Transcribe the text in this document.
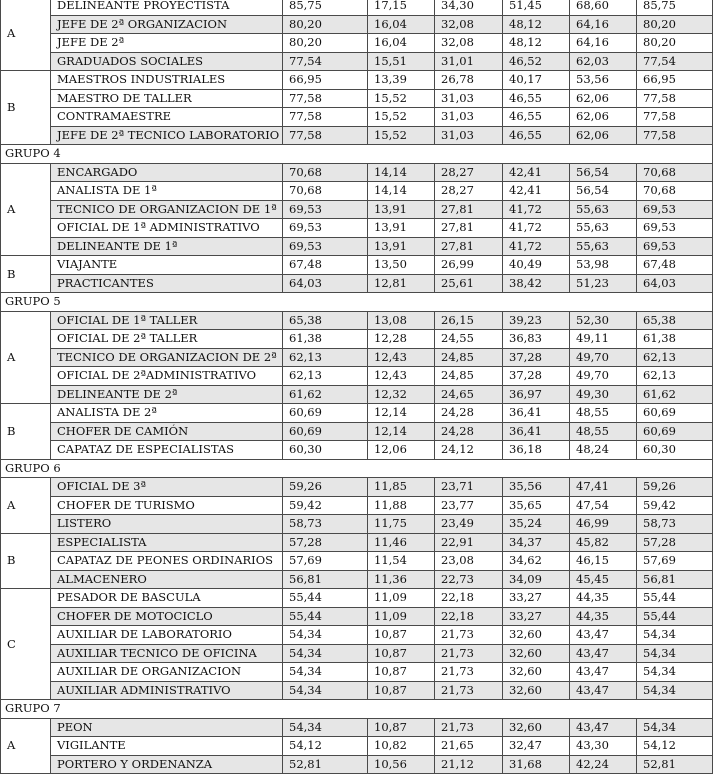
A	DELINEANTE PROYECTISTA	85,75	17,15	34,30	51,45	68,60	85,75
	JEFE DE 2ª ORGANIZACION	80,20	16,04	32,08	48,12	64,16	80,20
	JEFE DE 2ª	80,20	16,04	32,08	48,12	64,16	80,20
	GRADUADOS SOCIALES	77,54	15,51	31,01	46,52	62,03	77,54
B	MAESTROS INDUSTRIALES	66,95	13,39	26,78	40,17	53,56	66,95
	MAESTRO DE TALLER	77,58	15,52	31,03	46,55	62,06	77,58
	CONTRAMAESTRE	77,58	15,52	31,03	46,55	62,06	77,58
	JEFE DE 2ª TECNICO LABORATORIO	77,58	15,52	31,03	46,55	62,06	77,58
GRUPO 4							
A	ENCARGADO	70,68	14,14	28,27	42,41	56,54	70,68
	ANALISTA DE 1ª	70,68	14,14	28,27	42,41	56,54	70,68
	TECNICO DE ORGANIZACION DE 1ª	69,53	13,91	27,81	41,72	55,63	69,53
	OFICIAL DE 1ª ADMINISTRATIVO	69,53	13,91	27,81	41,72	55,63	69,53
	DELINEANTE DE 1ª	69,53	13,91	27,81	41,72	55,63	69,53
B	VIAJANTE	67,48	13,50	26,99	40,49	53,98	67,48
	PRACTICANTES	64,03	12,81	25,61	38,42	51,23	64,03
GRUPO 5							
A	OFICIAL DE 1ª TALLER	65,38	13,08	26,15	39,23	52,30	65,38
	OFICIAL DE 2ª TALLER	61,38	12,28	24,55	36,83	49,11	61,38
	TECNICO DE ORGANIZACION DE 2ª	62,13	12,43	24,85	37,28	49,70	62,13
	OFICIAL DE 2ªADMINISTRATIVO	62,13	12,43	24,85	37,28	49,70	62,13
	DELINEANTE DE 2ª	61,62	12,32	24,65	36,97	49,30	61,62
B	ANALISTA DE 2ª	60,69	12,14	24,28	36,41	48,55	60,69
	CHOFER DE CAMIÓN	60,69	12,14	24,28	36,41	48,55	60,69
	CAPATAZ DE ESPECIALISTAS	60,30	12,06	24,12	36,18	48,24	60,30
GRUPO 6							
A	OFICIAL DE 3ª	59,26	11,85	23,71	35,56	47,41	59,26
	CHOFER DE TURISMO	59,42	11,88	23,77	35,65	47,54	59,42
	LISTERO	58,73	11,75	23,49	35,24	46,99	58,73
B	ESPECIALISTA	57,28	11,46	22,91	34,37	45,82	57,28
	CAPATAZ DE PEONES ORDINARIOS	57,69	11,54	23,08	34,62	46,15	57,69
	ALMACENERO	56,81	11,36	22,73	34,09	45,45	56,81
C	PESADOR DE BASCULA	55,44	11,09	22,18	33,27	44,35	55,44
	CHOFER DE MOTOCICLO	55,44	11,09	22,18	33,27	44,35	55,44
	AUXILIAR DE LABORATORIO	54,34	10,87	21,73	32,60	43,47	54,34
	AUXILIAR TECNICO DE OFICINA	54,34	10,87	21,73	32,60	43,47	54,34
	AUXILIAR DE ORGANIZACION	54,34	10,87	21,73	32,60	43,47	54,34
	AUXILIAR ADMINISTRATIVO	54,34	10,87	21,73	32,60	43,47	54,34
GRUPO 7							
A	PEON	54,34	10,87	21,73	32,60	43,47	54,34
	VIGILANTE	54,12	10,82	21,65	32,47	43,30	54,12
	PORTERO Y ORDENANZA	52,81	10,56	21,12	31,68	42,24	52,81
